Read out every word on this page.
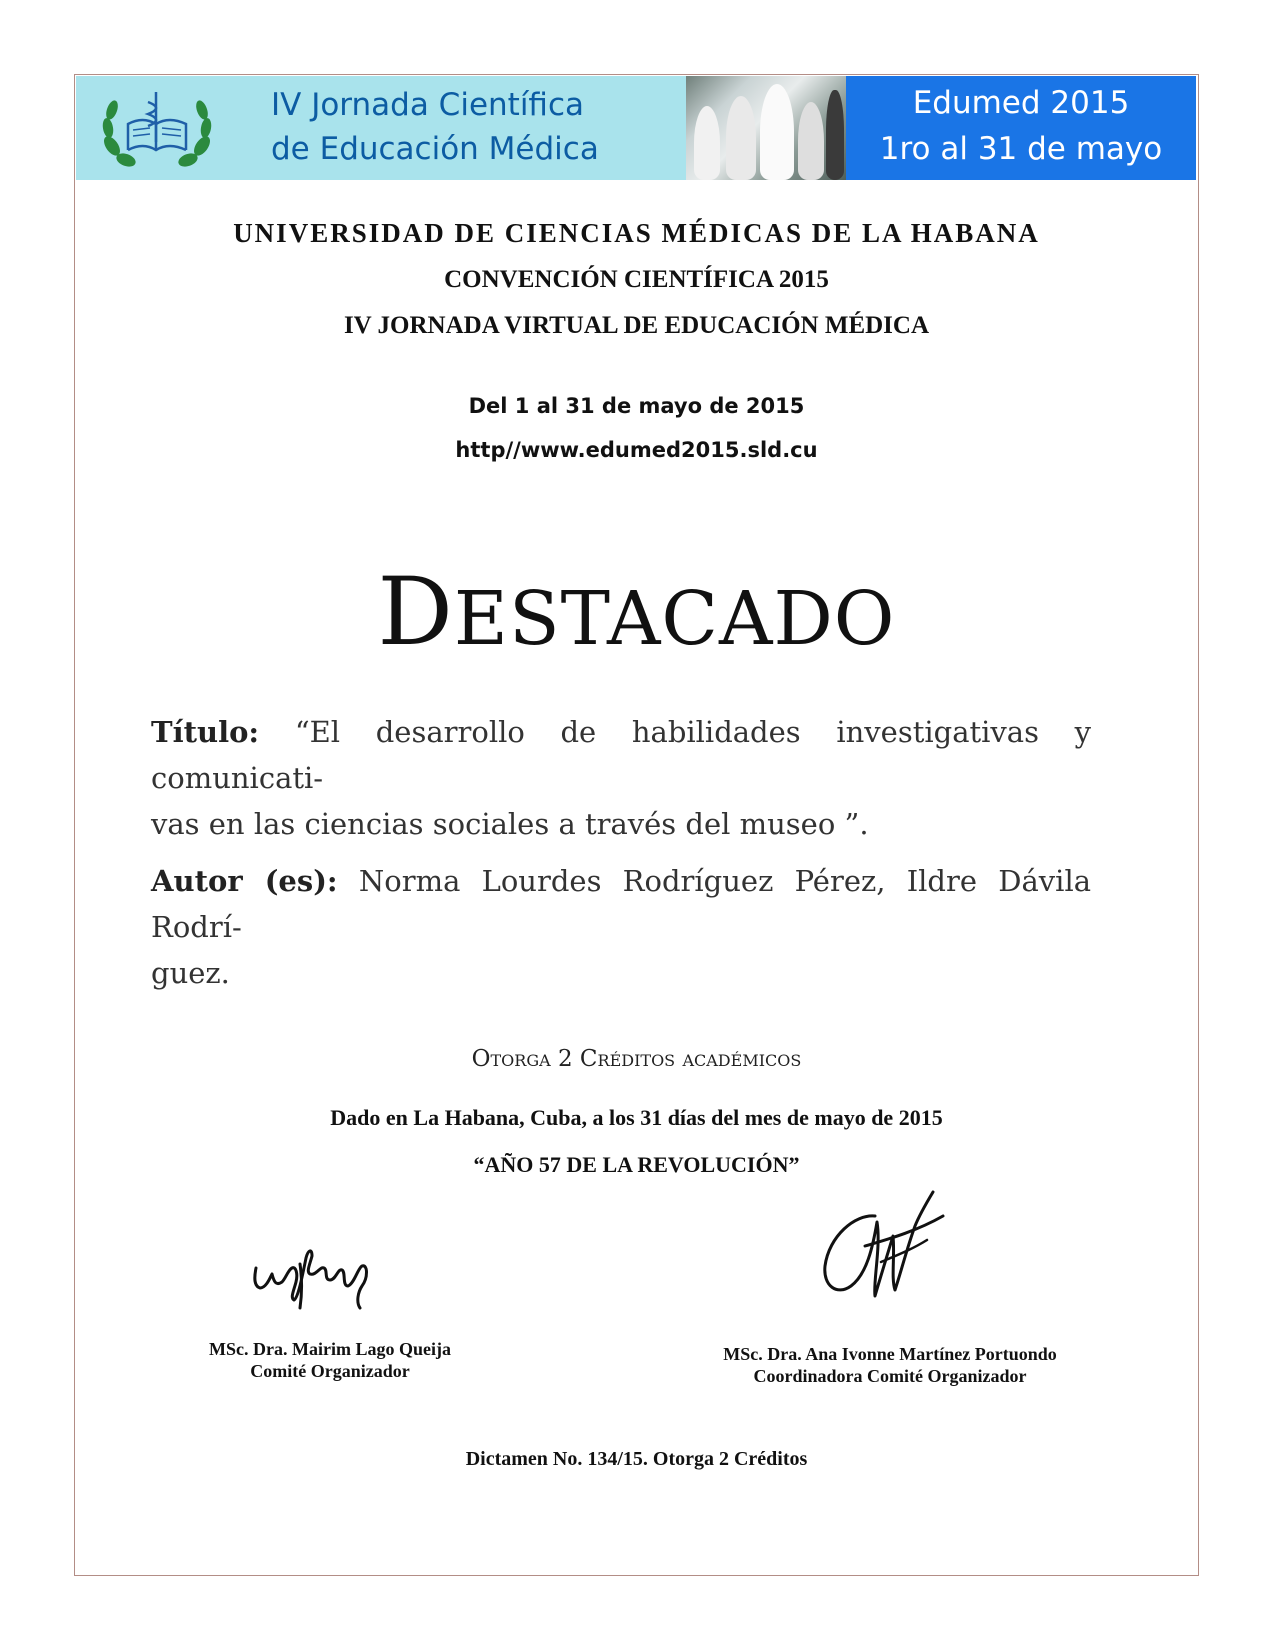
IV Jornada Científica
de Educación Médica
Edumed 2015
1ro al 31 de mayo
UNIVERSIDAD DE CIENCIAS MÉDICAS DE LA HABANA
CONVENCIÓN CIENTÍFICA 2015
IV JORNADA VIRTUAL DE EDUCACIÓN MÉDICA
Del 1 al 31 de mayo de 2015
http//www.edumed2015.sld.cu
DESTACADO
Título: “El desarrollo de habilidades investigativas y comunicati-
vas en las ciencias sociales a través del museo ”.
Autor (es): Norma Lourdes Rodríguez Pérez, Ildre Dávila Rodrí-
guez.
Otorga 2 Créditos académicos
Dado en La Habana, Cuba, a los 31 días del mes de mayo de 2015
“AÑO 57 DE LA REVOLUCIÓN”
MSc. Dra. Mairim Lago Queija
Comité Organizador
MSc. Dra. Ana Ivonne Martínez Portuondo
Coordinadora Comité Organizador
Dictamen No. 134/15. Otorga 2 Créditos
